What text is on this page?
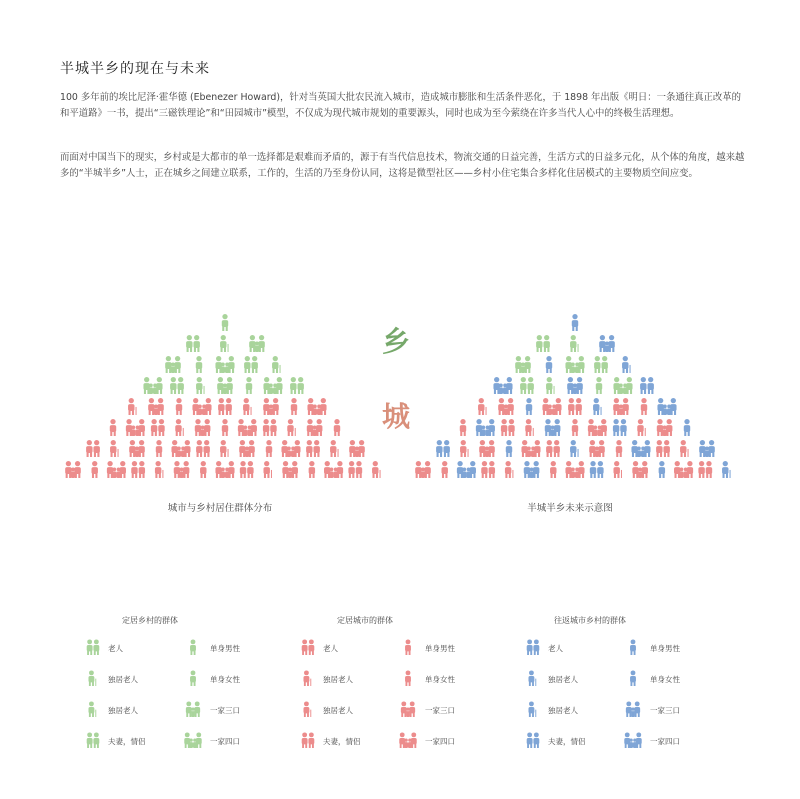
半城半乡的现在与未来
100 多年前的埃比尼泽·霍华德 (Ebenezer Howard)，针对当英国大批农民流入城市，造成城市膨胀和生活条件恶化，于 1898 年出版《明日：一条通往真正改革的和平道路》一书，提出“三磁铁理论”和“田园城市”模型，不仅成为现代城市规划的重要源头，同时也成为至今萦绕在许多当代人心中的终极生活理想。
而面对中国当下的现实，乡村或是大都市的单一选择都是艰难而矛盾的，源于有当代信息技术，物流交通的日益完善，生活方式的日益多元化，从个体的角度，越来越多的“半城半乡”人士，正在城乡之间建立联系，工作的，生活的乃至身份认同，这将是微型社区——乡村小住宅集合多样化住居模式的主要物质空间应变。
乡
城
城市与乡村居住群体分布	半城半乡未来示意图
定居乡村的群体
老人
独居老人
独居老人
夫妻，情侣
单身男性
单身女性
一家三口
一家四口
定居城市的群体
老人
独居老人
独居老人
夫妻，情侣
单身男性
单身女性
一家三口
一家四口
往返城市乡村的群体
老人
独居老人
独居老人
夫妻，情侣
单身男性
单身女性
一家三口
一家四口
